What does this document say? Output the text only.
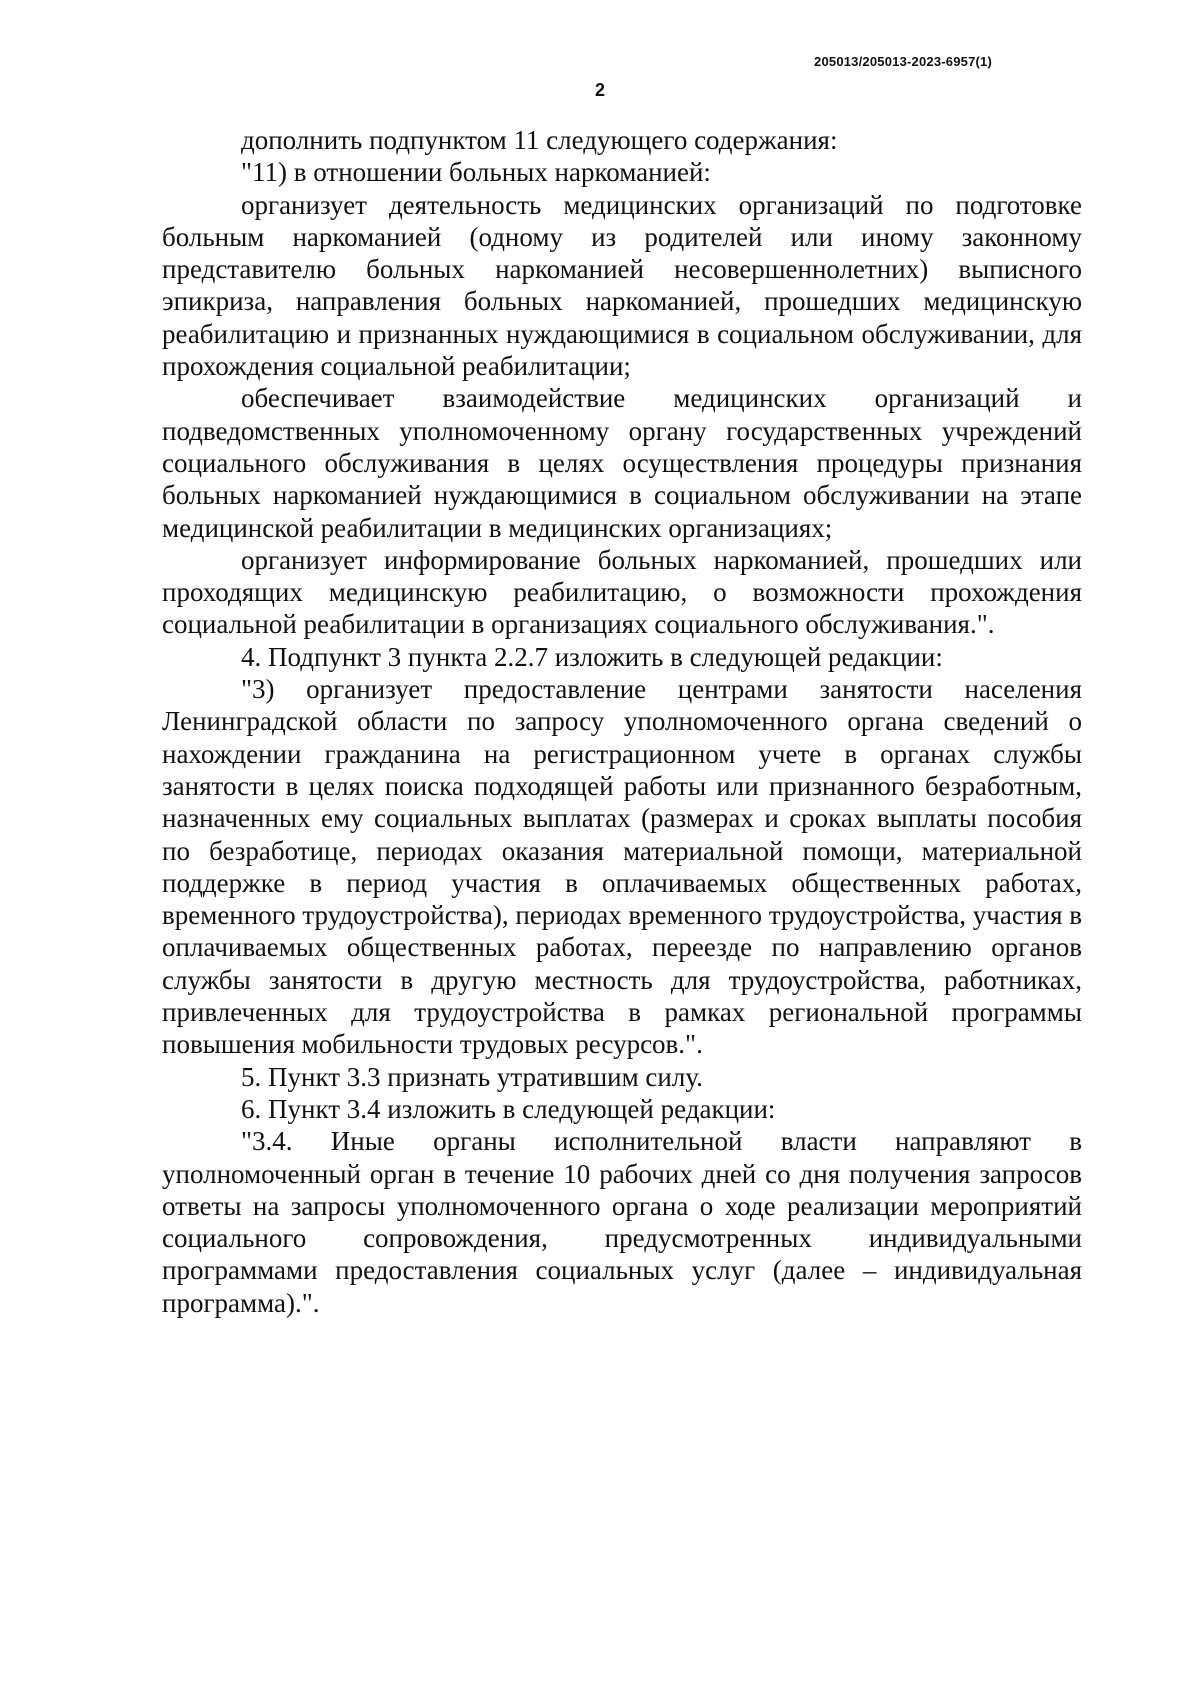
205013/205013-2023-6957(1)
2

дополнить подпунктом 11 следующего содержания:

"11) в отношении больных наркоманией:

организует деятельность медицинских организаций по подготовке больным наркоманией (одному из родителей или иному законному представителю больных наркоманией несовершеннолетних) выписного эпикриза, направления больных наркоманией, прошедших медицинскую реабилитацию и признанных нуждающимися в социальном обслуживании, для прохождения социальной реабилитации;

обеспечивает взаимодействие медицинских организаций и подведомственных уполномоченному органу государственных учреждений социального обслуживания в целях осуществления процедуры признания больных наркоманией нуждающимися в социальном обслуживании на этапе медицинской реабилитации в медицинских организациях;

организует информирование больных наркоманией, прошедших или проходящих медицинскую реабилитацию, о возможности прохождения социальной реабилитации в организациях социального обслуживания.".

4. Подпункт 3 пункта 2.2.7 изложить в следующей редакции:

"3) организует предоставление центрами занятости населения Ленинградской области по запросу уполномоченного органа сведений о нахождении гражданина на регистрационном учете в органах службы занятости в целях поиска подходящей работы или признанного безработным, назначенных ему социальных выплатах (размерах и сроках выплаты пособия по безработице, периодах оказания материальной помощи, материальной поддержке в период участия в оплачиваемых общественных работах, временного трудоустройства), периодах временного трудоустройства, участия в оплачиваемых общественных работах, переезде по направлению органов службы занятости в другую местность для трудоустройства, работниках, привлеченных для трудоустройства в рамках региональной программы повышения мобильности трудовых ресурсов.".

5. Пункт 3.3 признать утратившим силу.

6. Пункт 3.4 изложить в следующей редакции:

"3.4. Иные органы исполнительной власти направляют в уполномоченный орган в течение 10 рабочих дней со дня получения запросов ответы на запросы уполномоченного органа о ходе реализации мероприятий социального сопровождения, предусмотренных индивидуальными программами предоставления социальных услуг (далее – индивидуальная программа).".
